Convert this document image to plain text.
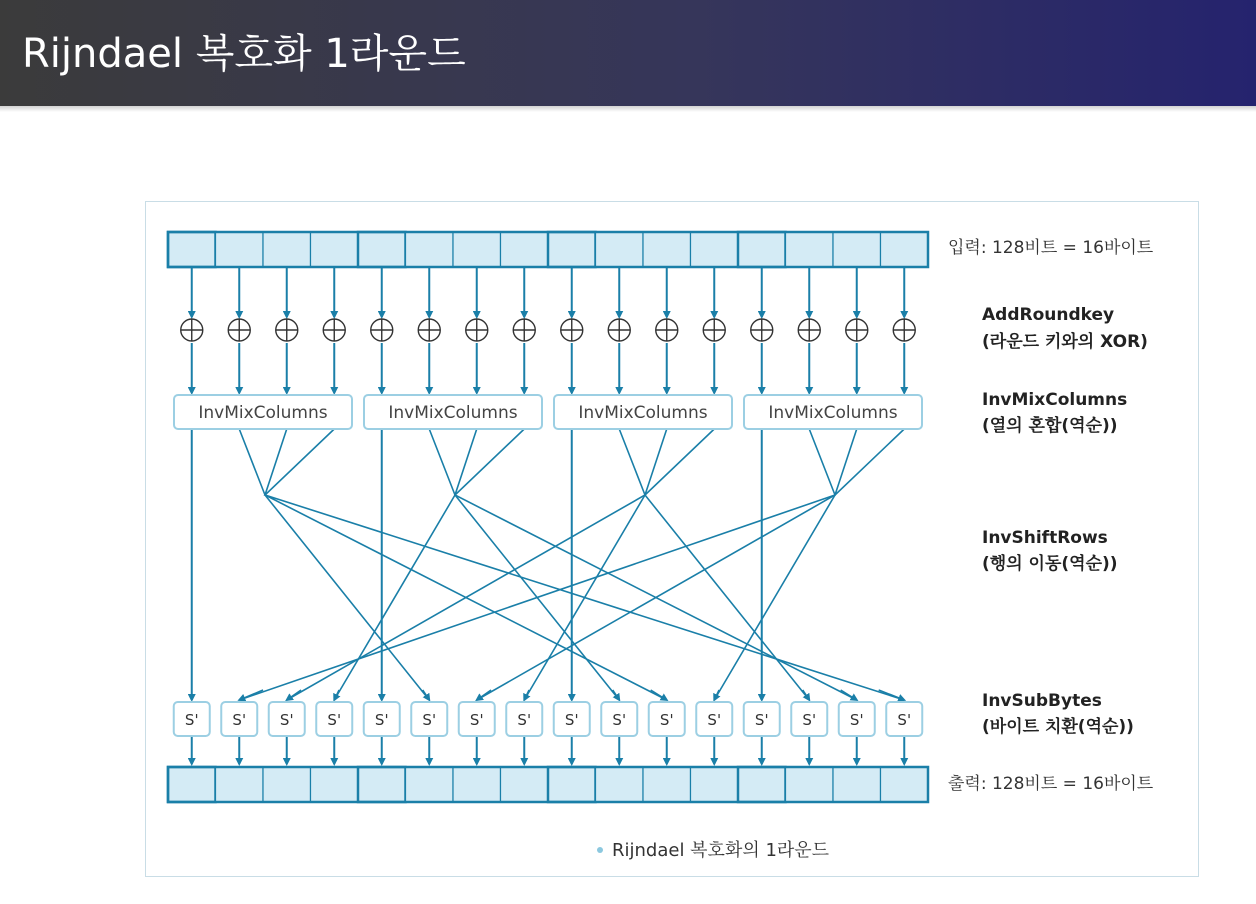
Rijndael 복호화 1라운드
InvMixColumns	InvMixColumns	InvMixColumns	InvMixColumns
S' S' S' S' S' S' S' S' S' S' S' S' S' S' S' S'
입력: 128비트 = 16바이트
출력: 128비트 = 16바이트
AddRoundkey
(라운드 키와의 XOR)
InvMixColumns
(열의 혼합(역순))
InvShiftRows
(행의 이동(역순))
InvSubBytes
(바이트 치환(역순))
Rijndael 복호화의 1라운드
